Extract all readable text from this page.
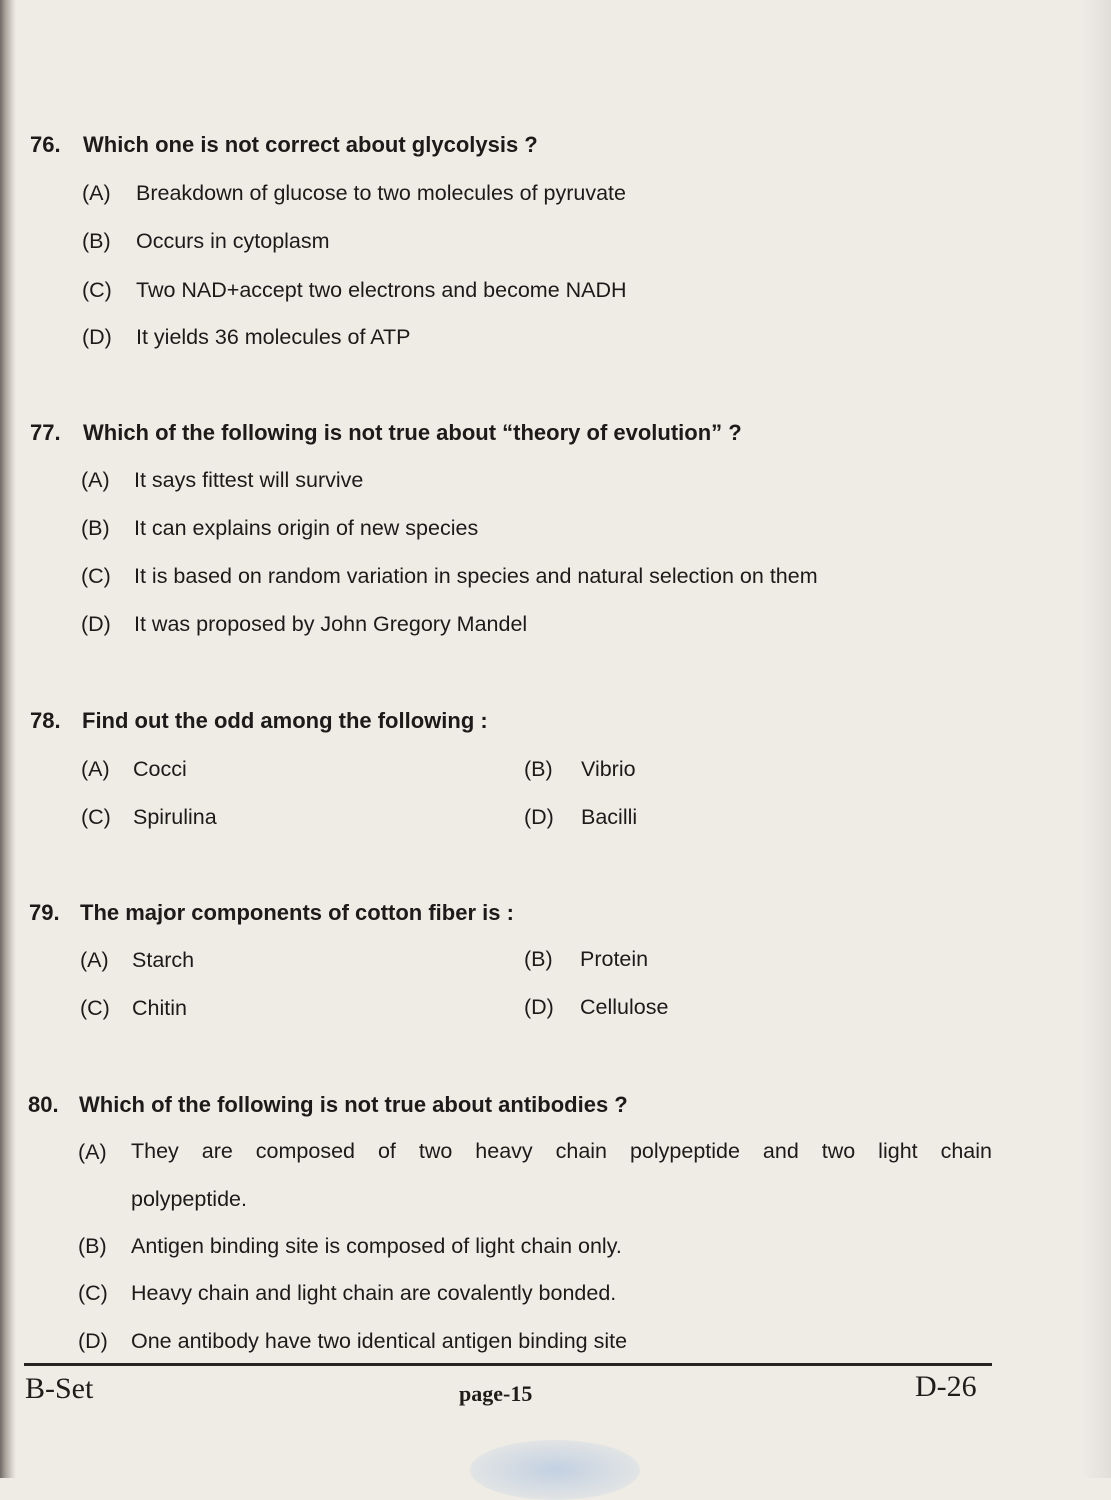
76. Which one is not correct about glycolysis ?
(A) Breakdown of glucose to two molecules of pyruvate
(B) Occurs in cytoplasm
(C) Two NAD+accept two electrons and become NADH
(D) It yields 36 molecules of ATP
77. Which of the following is not true about “theory of evolution” ?
(A) It says fittest will survive
(B) It can explains origin of new species
(C) It is based on random variation in species and natural selection on them
(D) It was proposed by John Gregory Mandel
78. Find out the odd among the following :
(A) Cocci	(B) Vibrio
(C) Spirulina	(D) Bacilli
79. The major components of cotton fiber is :
(A) Starch	(B) Protein
(C) Chitin	(D) Cellulose
80. Which of the following is not true about antibodies ?
(A) They are composed of two heavy chain polypeptide and two light chain
polypeptide.
(B) Antigen binding site is composed of light chain only.
(C) Heavy chain and light chain are covalently bonded.
(D) One antibody have two identical antigen binding site
B-Set	page-15	D-26
